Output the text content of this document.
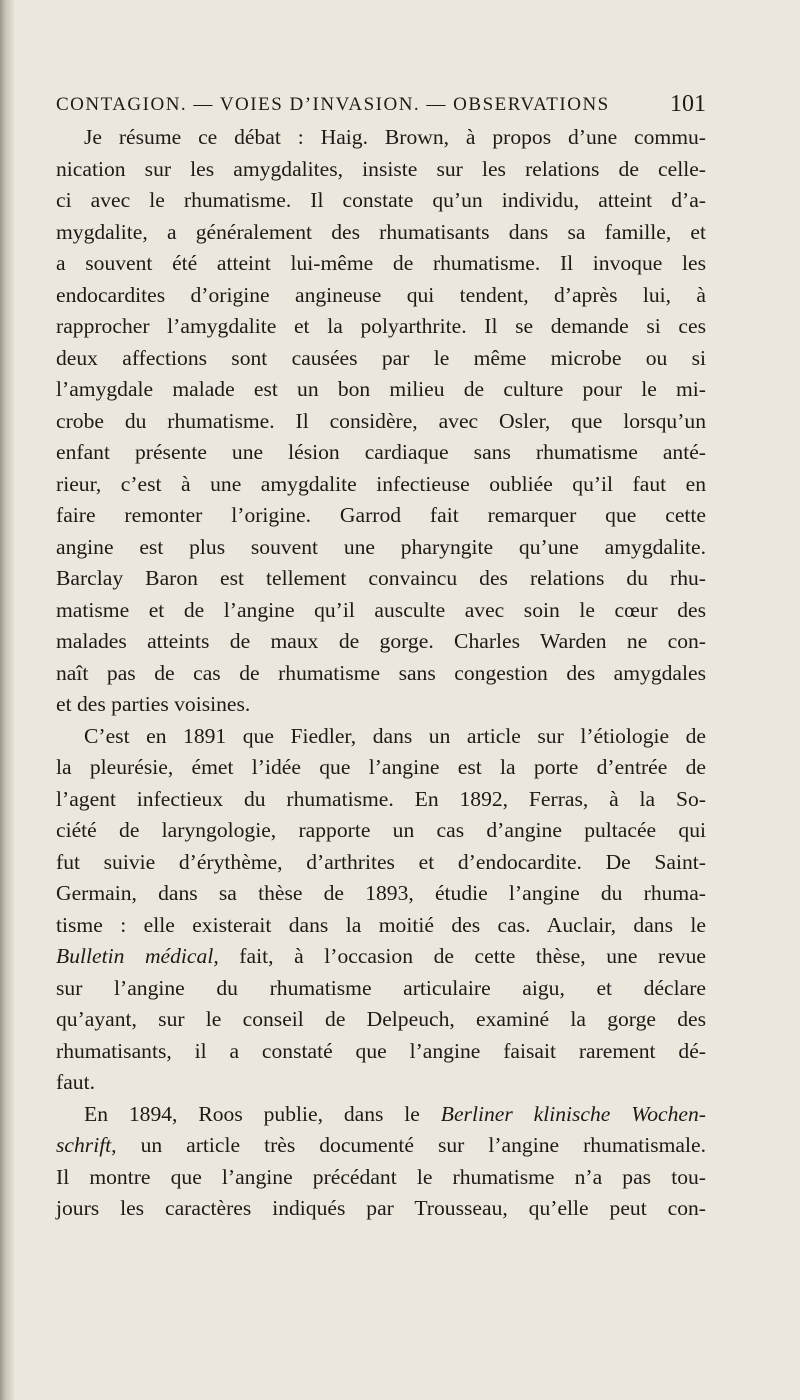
CONTAGION. — VOIES D’INVASION. — OBSERVATIONS	101
Je résume ce débat : Haig. Brown, à propos d’une commu-
nication sur les amygdalites, insiste sur les relations de celle-
ci avec le rhumatisme. Il constate qu’un individu, atteint d’a-
mygdalite, a généralement des rhumatisants dans sa famille, et
a souvent été atteint lui-même de rhumatisme. Il invoque les
endocardites d’origine angineuse qui tendent, d’après lui, à
rapprocher l’amygdalite et la polyarthrite. Il se demande si ces
deux affections sont causées par le même microbe ou si
l’amygdale malade est un bon milieu de culture pour le mi-
crobe du rhumatisme. Il considère, avec Osler, que lorsqu’un
enfant présente une lésion cardiaque sans rhumatisme anté-
rieur, c’est à une amygdalite infectieuse oubliée qu’il faut en
faire remonter l’origine. Garrod fait remarquer que cette
angine est plus souvent une pharyngite qu’une amygdalite.
Barclay Baron est tellement convaincu des relations du rhu-
matisme et de l’angine qu’il ausculte avec soin le cœur des
malades atteints de maux de gorge. Charles Warden ne con-
naît pas de cas de rhumatisme sans congestion des amygdales
et des parties voisines.
C’est en 1891 que Fiedler, dans un article sur l’étiologie de
la pleurésie, émet l’idée que l’angine est la porte d’entrée de
l’agent infectieux du rhumatisme. En 1892, Ferras, à la So-
ciété de laryngologie, rapporte un cas d’angine pultacée qui
fut suivie d’érythème, d’arthrites et d’endocardite. De Saint-
Germain, dans sa thèse de 1893, étudie l’angine du rhuma-
tisme : elle existerait dans la moitié des cas. Auclair, dans le
Bulletin médical, fait, à l’occasion de cette thèse, une revue
sur l’angine du rhumatisme articulaire aigu, et déclare
qu’ayant, sur le conseil de Delpeuch, examiné la gorge des
rhumatisants, il a constaté que l’angine faisait rarement dé-
faut.
En 1894, Roos publie, dans le Berliner klinische Wochen-
schrift, un article très documenté sur l’angine rhumatismale.
Il montre que l’angine précédant le rhumatisme n’a pas tou-
jours les caractères indiqués par Trousseau, qu’elle peut con-
